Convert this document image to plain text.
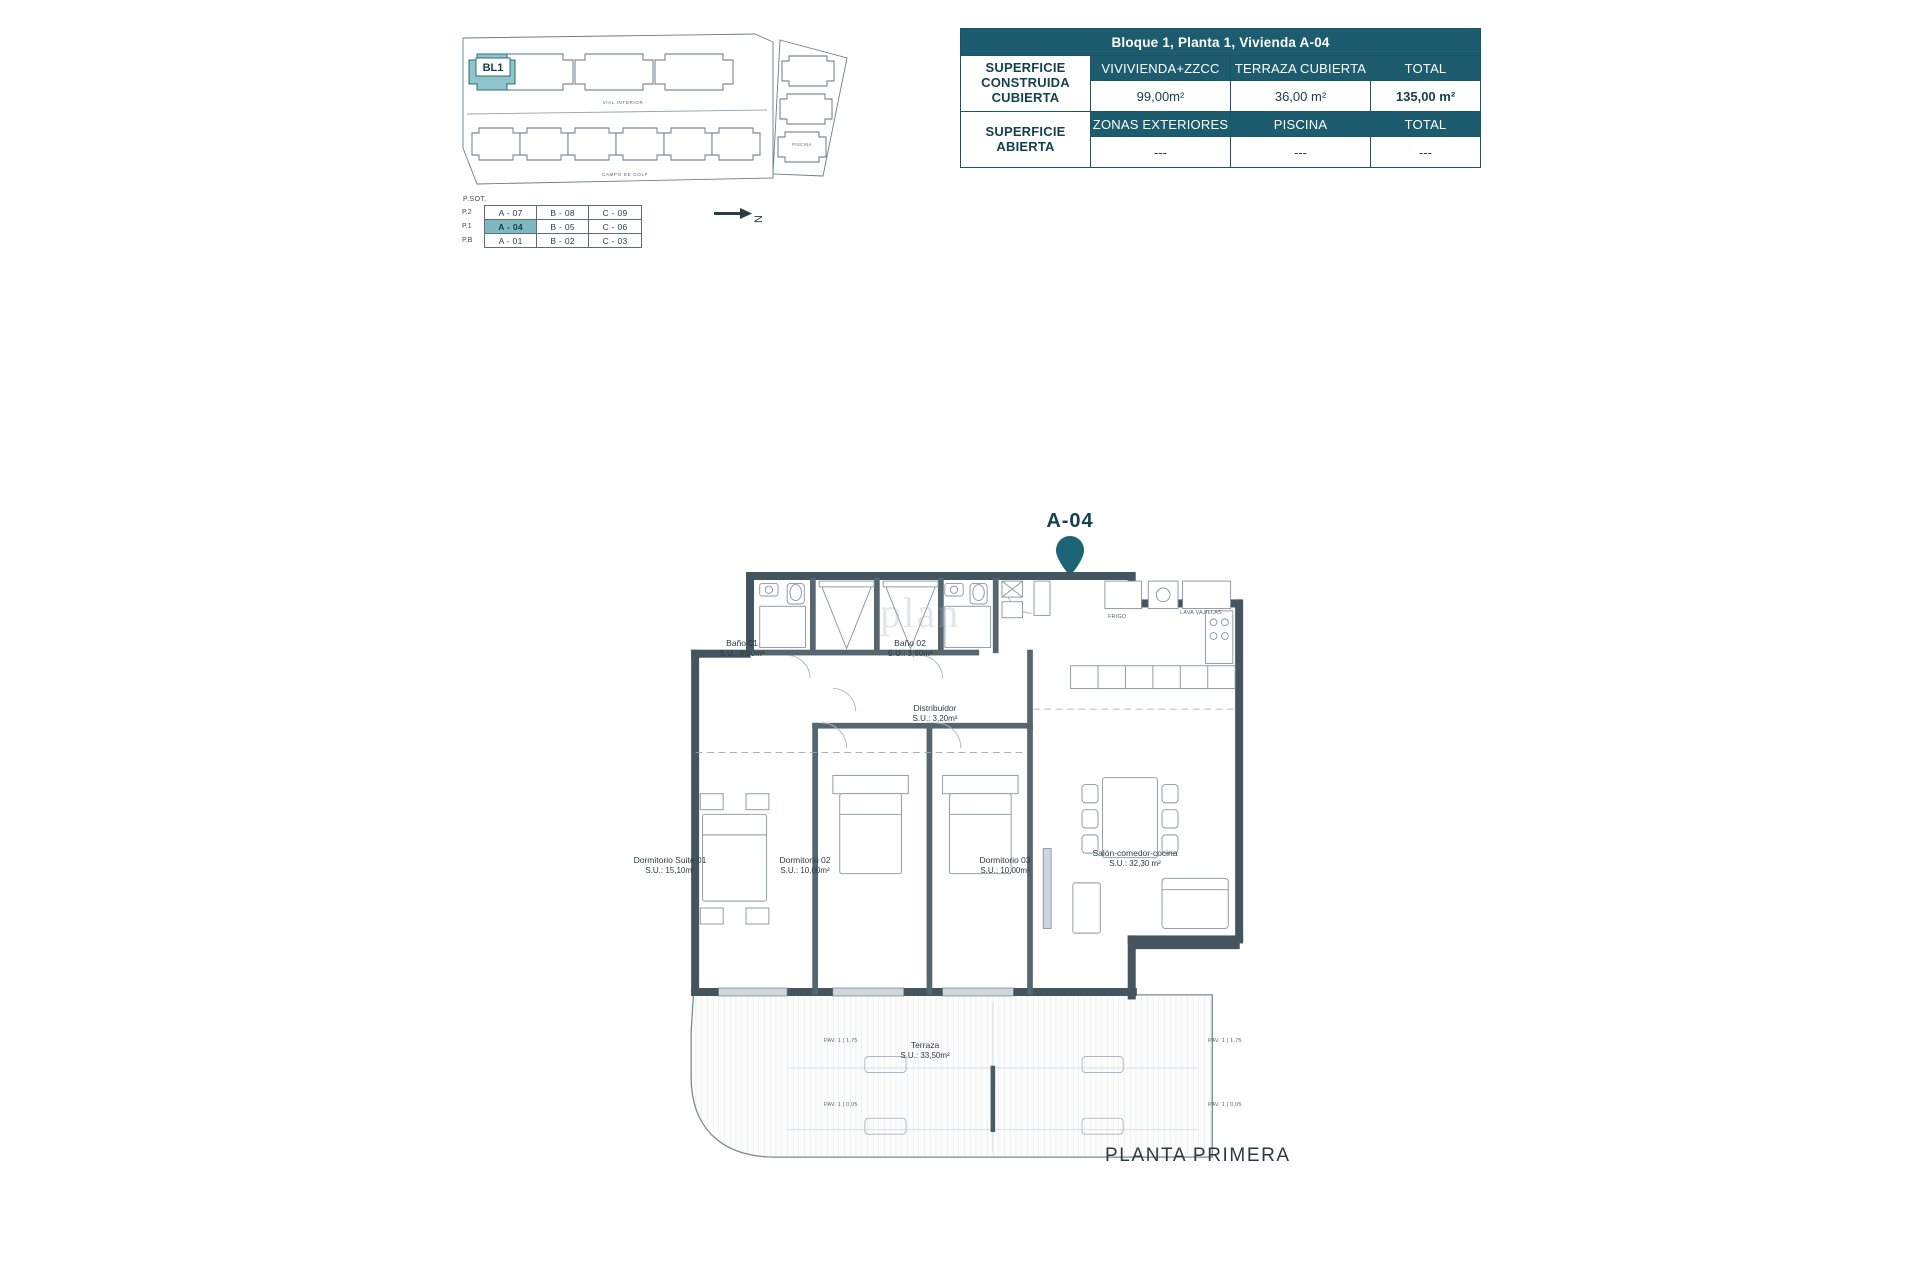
BL1
VIAL INTERIOR
CAMPO DE GOLF
PISCINA
P.SOT.
P.2	A - 07	B - 08	C - 09
P.1	A - 04	B - 05	C - 06
P.B	A - 01	B - 02	C - 03
N
Bloque 1, Planta 1, Vivienda A-04			

SUPERFICIE CONSTRUIDA CUBIERTA	VIVIVIENDA+ZZCC	TERRAZA CUBIERTA	TOTAL
	99,00m²	36,00 m²	135,00 m²

SUPERFICIE ABIERTA	ZONAS EXTERIORES	PISCINA	TOTAL
	---	---	---
A-04
plan
Baño 01
S.U.: 4,00m²
Baño 02
S.U.: 3,60m²
Distribuidor
S.U.: 3,20m²
Dormitorio Suite 01
S.U.: 15,10m²
Dormitorio 02
S.U.: 10,00m²
Dormitorio 03
S.U.: 10,00m²
Salón-comedor-cocina
S.U.: 32,30 m²
Terraza
S.U.: 33,50m²
FRIGO
LAVA VAJILLAS
PAV. 1 | 1,75	PAV. 1 | 1,75
PAV. 1 | 0,05	PAV. 1 | 0,05
PLANTA PRIMERA
